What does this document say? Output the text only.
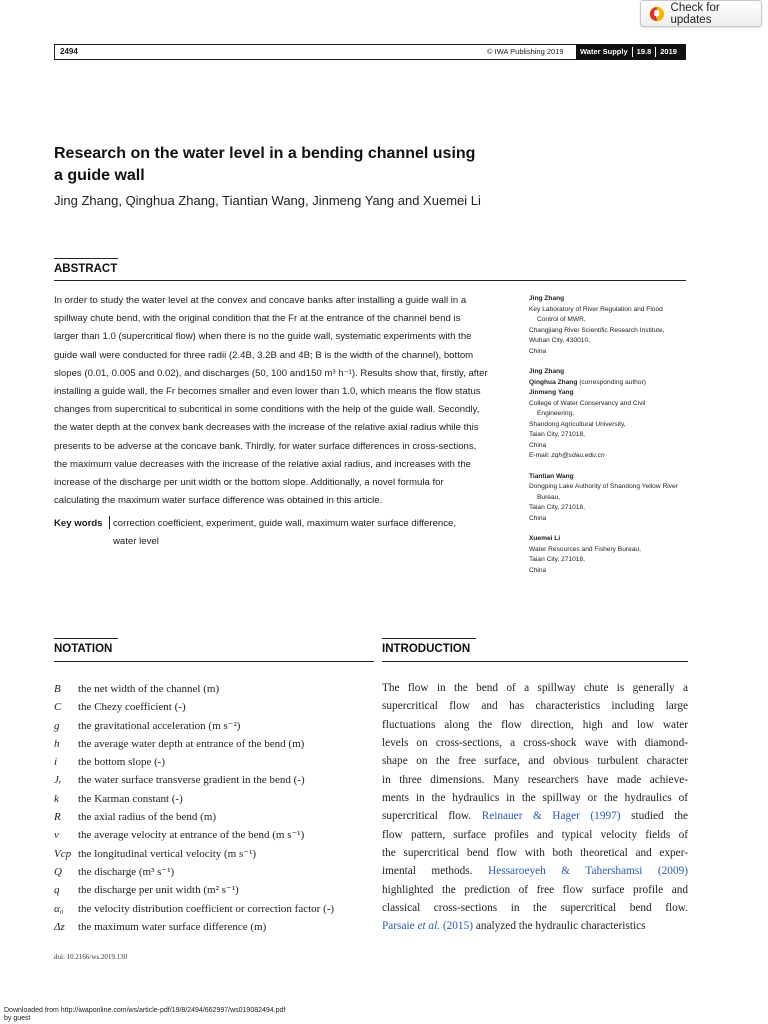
Check for updates
2494	© IWA Publishing 2019	Water Supply	19.8	2019
Research on the water level in a bending channel using
a guide wall
Jing Zhang, Qinghua Zhang, Tiantian Wang, Jinmeng Yang and Xuemei Li
ABSTRACT
In order to study the water level at the convex and concave banks after installing a guide wall in a
spillway chute bend, with the original condition that the Fr at the entrance of the channel bend is
larger than 1.0 (supercritical flow) when there is no the guide wall, systematic experiments with the
guide wall were conducted for three radii (2.4B, 3.2B and 4B; B is the width of the channel), bottom
slopes (0.01, 0.005 and 0.02), and discharges (50, 100 and150 m³ h⁻¹). Results show that, firstly, after
installing a guide wall, the Fr becomes smaller and even lower than 1.0, which means the flow status
changes from supercritical to subcritical in some conditions with the help of the guide wall. Secondly,
the water depth at the convex bank decreases with the increase of the relative axial radius while this
presents to be adverse at the concave bank. Thirdly, for water surface differences in cross-sections,
the maximum value decreases with the increase of the relative axial radius, and increases with the
increase of the discharge per unit width or the bottom slope. Additionally, a novel formula for
calculating the maximum water surface difference was obtained in this article.
Key words correction coefficient, experiment, guide wall, maximum water surface difference,
water level
Jing Zhang
Key Laboratory of River Regulation and Flood
Control of MWR,
Changjiang River Scientific Research Institute,
Wuhan City, 430010,
China
Jing Zhang
Qinghua Zhang (corresponding author)
Jinmeng Yang
College of Water Conservancy and Civil
Engineering,
Shandong Agricultural University,
Taian City, 271018,
China
E-mail: zqh@sdau.edu.cn
Tiantian Wang
Dongping Lake Authority of Shandong Yellow River
Bureau,
Taian City, 271018,
China
Xuemei Li
Water Resources and Fishery Bureau,
Taian City, 271018,
China
NOTATION
B	the net width of the channel (m)
C	the Chezy coefficient (-)
g	the gravitational acceleration (m s⁻²)
h	the average water depth at entrance of the bend (m)
i	the bottom slope (-)
Jᵣ	the water surface transverse gradient in the bend (-)
k	the Karman constant (-)
R	the axial radius of the bend (m)
v	the average velocity at entrance of the bend (m s⁻¹)
Vcp the longitudinal vertical velocity (m s⁻¹)
Q	the discharge (m³ s⁻¹)
q	the discharge per unit width (m² s⁻¹)
α₀	the velocity distribution coefficient or correction factor (-)
Δz	the maximum water surface difference (m)
INTRODUCTION
The flow in the bend of a spillway chute is generally a
supercritical flow and has characteristics including large
fluctuations along the flow direction, high and low water
levels on cross-sections, a cross-shock wave with diamond-
shape on the free surface, and obvious turbulent character
in three dimensions. Many researchers have made achieve-
ments in the hydraulics in the spillway or the hydraulics of
supercritical flow. Reinauer & Hager (1997) studied the
flow pattern, surface profiles and typical velocity fields of
the supercritical bend flow with both theoretical and exper-
imental methods. Hessaroeyeh & Tahershamsi (2009)
highlighted the prediction of free flow surface profile and
classical cross-sections in the supercritical bend flow.
Parsaie et al. (2015) analyzed the hydraulic characteristics
doi: 10.2166/ws.2019.130
Downloaded from http://iwaponline.com/ws/article-pdf/19/8/2494/662997/ws019082494.pdf
by guest
